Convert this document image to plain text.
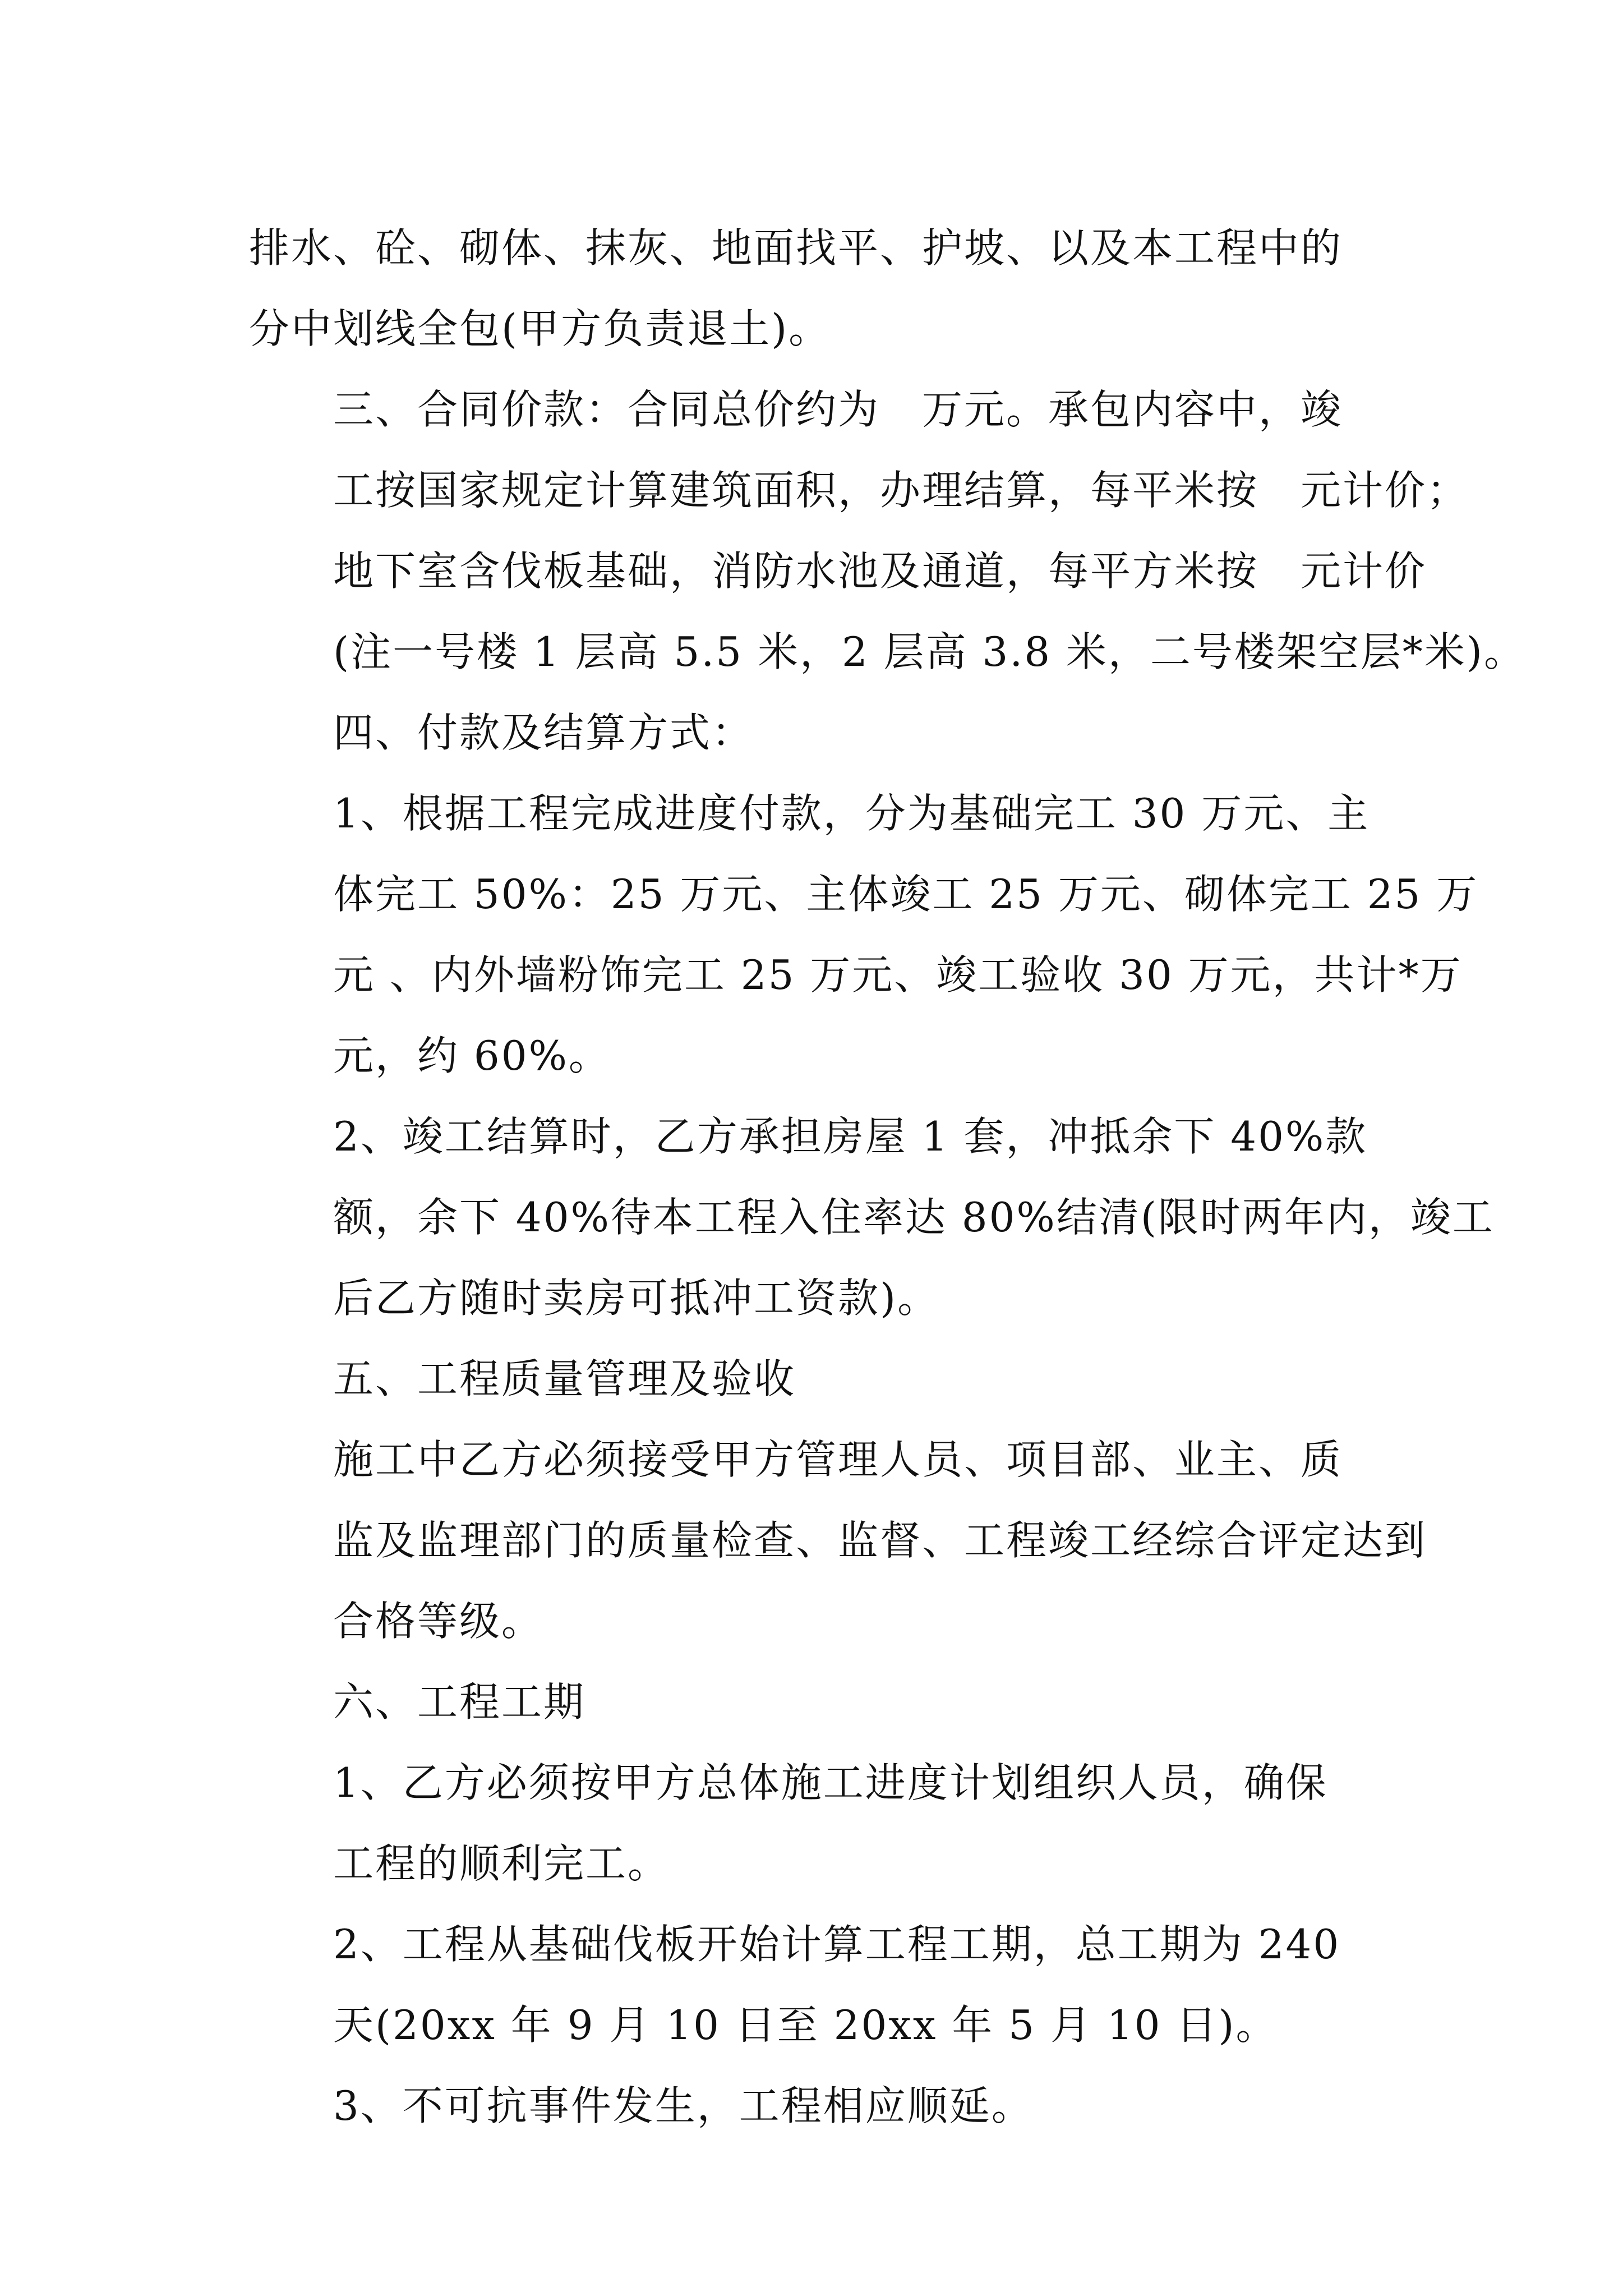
排水、砼、砌体、抹灰、地面找平、护坡、以及本工程中的
分中划线全包(甲方负责退土)。

三、合同价款：合同总价约为　万元。承包内容中，竣
工按国家规定计算建筑面积，办理结算，每平米按　元计价；
地下室含伐板基础，消防水池及通道，每平方米按　元计价
(注一号楼 1 层高 5.5 米，2 层高 3.8 米，二号楼架空层*米)。

四、付款及结算方式：

1、根据工程完成进度付款，分为基础完工 30 万元、主
体完工 50%：25 万元、主体竣工 25 万元、砌体完工 25 万
元 、内外墙粉饰完工 25 万元、竣工验收 30 万元，共计*万
元，约 60%。

2、竣工结算时，乙方承担房屋 1 套，冲抵余下 40%款
额，余下 40%待本工程入住率达 80%结清(限时两年内，竣工
后乙方随时卖房可抵冲工资款)。

五、工程质量管理及验收

施工中乙方必须接受甲方管理人员、项目部、业主、质
监及监理部门的质量检查、监督、工程竣工经综合评定达到
合格等级。

六、工程工期

1、乙方必须按甲方总体施工进度计划组织人员，确保
工程的顺利完工。

2、工程从基础伐板开始计算工程工期，总工期为 240
天(20xx 年 9 月 10 日至 20xx 年 5 月 10 日)。

3、不可抗事件发生，工程相应顺延。
